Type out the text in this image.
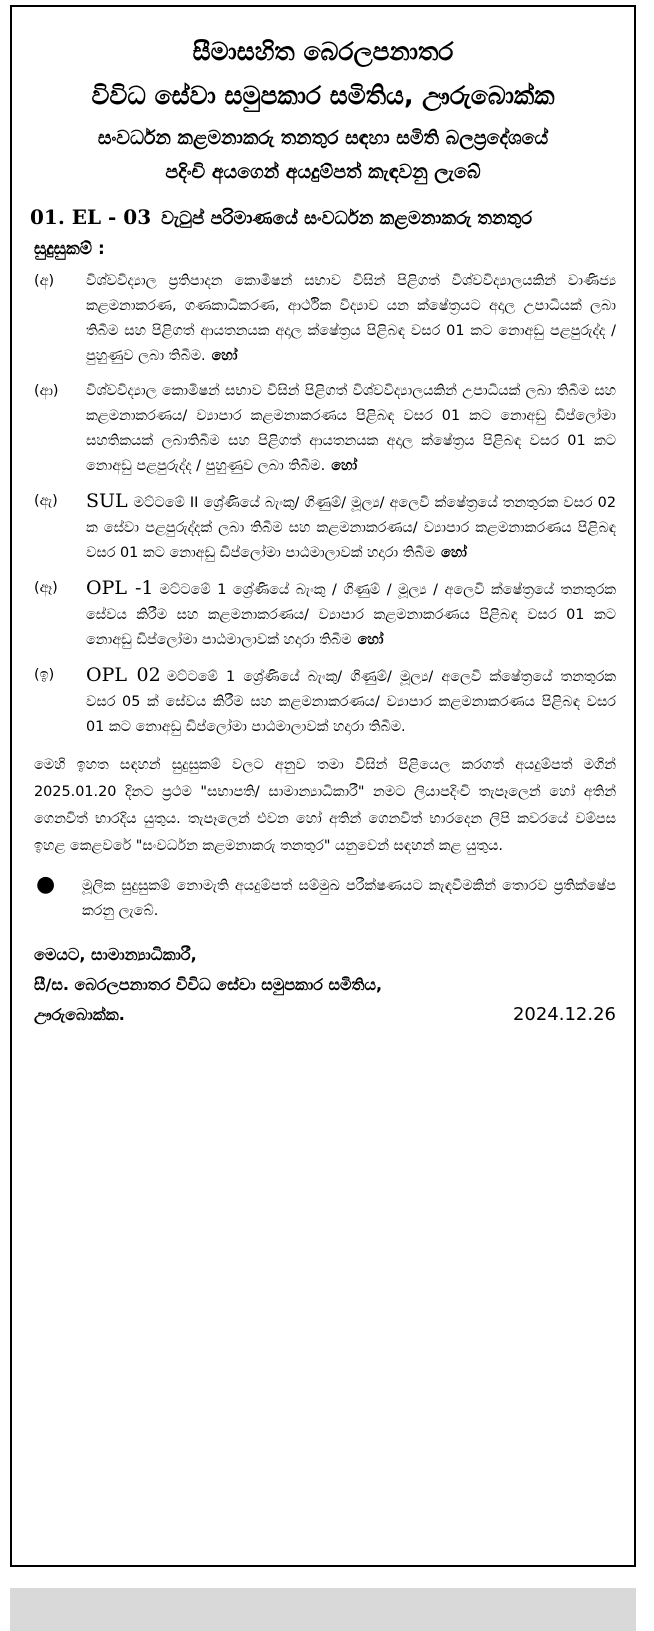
සීමාසහිත බෙරලපනාතර

විවිධ සේවා සමුපකාර සමිතිය, ඌරුබොක්ක

සංවර්ධන කළමනාකරු තනතුර සඳහා සමිති බලප්‍රදේශයේ

පදිංචි අයගෙන් අයදුම්පත් කැඳවනු ලැබේ

01. EL - 03 වැටුප් පරිමාණයේ සංවර්ධන කළමනාකරු තනතුර
සුදුසුකම් :
(අ)	විශ්වවිද්‍යාල ප්‍රතිපාදන කොමිෂන් සභාව විසින් පිළිගත් විශ්වවිද්‍යාලයකින් වාණිජ්‍ය කළමනාකරණ, ගණකාධිකරණ, ආර්ථික විද්‍යාව යන ක්ෂේත්‍රයට අදාල උපාධියක් ලබා තිබීම සහ පිළිගත් ආයතනයක අදාල ක්ෂේත්‍රය පිළිබඳ වසර 01 කට නොඅඩු පළපුරුද්ද / පුහුණුව ලබා තිබීම. හෝ
(ආ)	විශ්වවිද්‍යාල කොමිෂන් සභාව විසින් පිළිගත් විශ්වවිද්‍යාලයකින් උපාධියක් ලබා තිබීම සහ කළමනාකරණය/ ව්‍යාපාර කළමනාකරණය පිළිබඳ වසර 01 කට නොඅඩු ඩිප්ලෝමා සහතිකයක් ලබාතිබීම සහ පිළිගත් ආයතනයක අදාල ක්ෂේත්‍රය පිළිබඳ වසර 01 කට නොඅඩු පළපුරුද්ද / පුහුණුව ලබා තිබීම. හෝ
(ඇ)	SUL මට්ටමේ II ශ්‍රේණියේ බැංකු/ ගිණුම්/ මූල්‍ය/ අලෙවි ක්ෂේත්‍රයේ තනතුරක වසර 02 ක සේවා පළපුරුද්දක් ලබා තිබීම සහ කළමනාකරණය/ ව්‍යාපාර කළමනාකරණය පිළිබඳ වසර 01 කට නොඅඩු ඩිප්ලෝමා පාඨමාලාවක් හදාරා තිබීම හෝ
(ඈ)	OPL -1 මට්ටමේ 1 ශ්‍රේණියේ බැංකු / ගිණුම් / මූල්‍ය / අලෙවි ක්ෂේත්‍රයේ තනතුරක සේවය කිරීම සහ කළමනාකරණය/ ව්‍යාපාර කළමනාකරණය පිළිබඳ වසර 01 කට නොඅඩු ඩිප්ලෝමා පාඨමාලාවක් හදාරා තිබීම හෝ
(ඉ)	OPL 02 මට්ටමේ 1 ශ්‍රේණියේ බැංකු/ ගිණුම්/ මූල්‍ය/ අලෙවි ක්ෂේත්‍රයේ තනතුරක වසර 05 ක් සේවය කිරීම සහ කළමනාකරණය/ ව්‍යාපාර කළමනාකරණය පිළිබඳ වසර 01 කට නොඅඩු ඩිප්ලෝමා පාඨමාලාවක් හදාරා තිබීම.
මෙහි ඉහත සඳහන් සුදුසුකම් වලට අනුව තමා විසින් පිළියෙල කරගත් අයදුම්පත් මගින් 2025.01.20 දිනට ප්‍රථම "සභාපති/ සාමාන්‍යාධිකාරී" නමට ලියාපදිංචි තැපෑලෙන් හෝ අතින් ගෙනවිත් භාරදිය යුතුය. තැපෑලෙන් එවන හෝ අතින් ගෙනවිත් භාරදෙන ලිපි කවරයේ වම්පස ඉහළ කෙළවරේ "සංවර්ධන කළමනාකරු තනතුර" යනුවෙන් සඳහන් කළ යුතුය.
●	මූලික සුදුසුකම් නොමැති අයදුම්පත් සම්මුඛ පරීක්ෂණයට කැඳවීමකින් තොරව ප්‍රතික්ෂේප කරනු ලැබේ.
මෙයට, සාමාන්‍යාධිකාරී,
සී/ස. බෙරලපනාතර විවිධ සේවා සමුපකාර සමිතිය,
ඌරුබොක්ක.	2024.12.26
